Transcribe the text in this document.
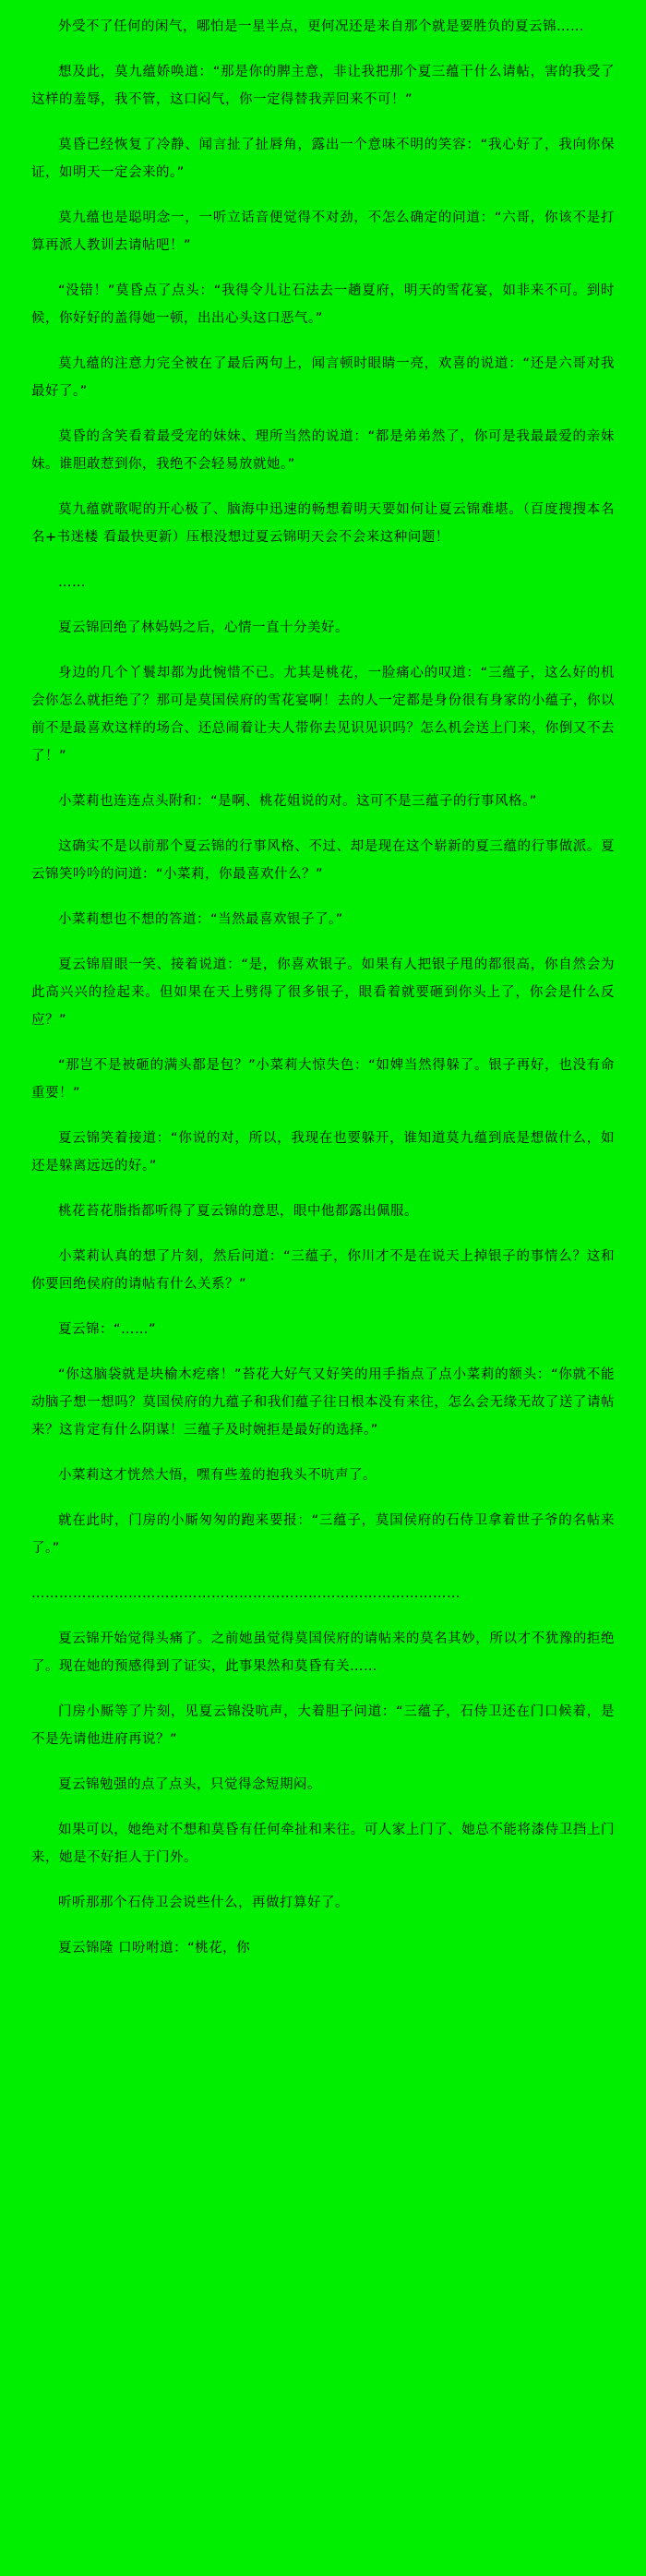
外受不了任何的闲气，哪怕是一星半点，更何况还是来自那个就是要胜负的夏云锦……

想及此，莫九蕴娇唤道：“那是你的脾主意，非让我把那个夏三蕴干什么请帖，害的我受了这样的羞辱，我不管，这口闷气，你一定得替我弄回来不可！”

莫昏已经恢复了冷静、闻言扯了扯唇角，露出一个意味不明的笑容：“我心好了，我向你保证，如明天一定会来的。”

莫九蕴也是聪明念一，一听立话音便觉得不对劲，不怎么确定的问道：“六哥，你该不是打算再派人教训去请帖吧！”

“没错！”莫昏点了点头：“我得令儿让石法去一趟夏府，明天的雪花宴，如非来不可。到时候，你好好的盖得她一顿，出出心头这口恶气。”

莫九蕴的注意力完全被在了最后两句上，闻言顿时眼睛一亮，欢喜的说道：“还是六哥对我最好了。”

莫昏的含笑看着最受宠的妹妹、理所当然的说道：“都是弟弟然了，你可是我最最爱的亲妹妹。谁胆敢惹到你，我绝不会轻易放就她。”

莫九蕴就歌呢的开心极了、脑海中迅速的畅想着明天要如何让夏云锦难堪。（百度搜搜本名名+书迷楼 看最快更新）压根没想过夏云锦明天会不会来这种问题！

……

夏云锦回绝了林妈妈之后，心情一直十分美好。

身边的几个丫鬟却都为此惋惜不已。尤其是桃花，一脸痛心的叹道：“三蕴子，这么好的机会你怎么就拒绝了？那可是莫国侯府的雪花宴啊！去的人一定都是身份很有身家的小蕴子，你以前不是最喜欢这样的场合、还总闹着让夫人带你去见识见识吗？怎么机会送上门来，你倒又不去了！”

小菜莉也连连点头附和：“是啊、桃花姐说的对。这可不是三蕴子的行事风格。”

这确实不是以前那个夏云锦的行事风格、不过、却是现在这个崭新的夏三蕴的行事做派。夏云锦笑吟吟的问道：“小菜莉，你最喜欢什么？”

小菜莉想也不想的答道：“当然最喜欢银子了。”

夏云锦眉眼一笑、接着说道：“是，你喜欢银子。如果有人把银子甩的都很高，你自然会为此高兴兴的捡起来。但如果在天上劈得了很多银子，眼看着就要砸到你头上了，你会是什么反应？”

“那岂不是被砸的满头都是包？”小菜莉大惊失色：“如婢当然得躲了。银子再好，也没有命重要！”

夏云锦笑着接道：“你说的对，所以，我现在也要躲开，谁知道莫九蕴到底是想做什么，如还是躲离远远的好。”

桃花苔花脂指都听得了夏云锦的意思，眼中他都露出佩服。

小菜莉认真的想了片刻，然后问道：“三蕴子，你川才不是在说天上掉银子的事情么？这和你要回绝侯府的请帖有什么关系？”

夏云锦：“……”

“你这脑袋就是块榆木疙瘩！”苔花大好气又好笑的用手指点了点小菜莉的额头：“你就不能动脑子想一想吗？莫国侯府的九蕴子和我们蕴子往日根本没有来往，怎么会无缘无故了送了请帖来？这肯定有什么阴谋！三蕴子及时婉拒是最好的选择。”

小菜莉这才恍然大悟，嘿有些羞的抱我头不吭声了。

就在此时，门房的小厮匆匆的跑来要报：“三蕴子，莫国侯府的石侍卫拿着世子爷的名帖来了。”

…………………………………………………………………………………

夏云锦开始觉得头痛了。之前她虽觉得莫国侯府的请帖来的莫名其妙，所以才不犹豫的拒绝了。现在她的预感得到了证实，此事果然和莫昏有关……

门房小厮等了片刻，见夏云锦没吭声，大着胆子问道：“三蕴子，石侍卫还在门口候着，是不是先请他进府再说？”

夏云锦勉强的点了点头，只觉得念短期闷。

如果可以，她绝对不想和莫昏有任何牵扯和来往。可人家上门了、她总不能将漆侍卫挡上门来，她是不好拒人于门外。

听听那那个石侍卫会说些什么，再做打算好了。

夏云锦隆 口吩咐道：“桃花，你
